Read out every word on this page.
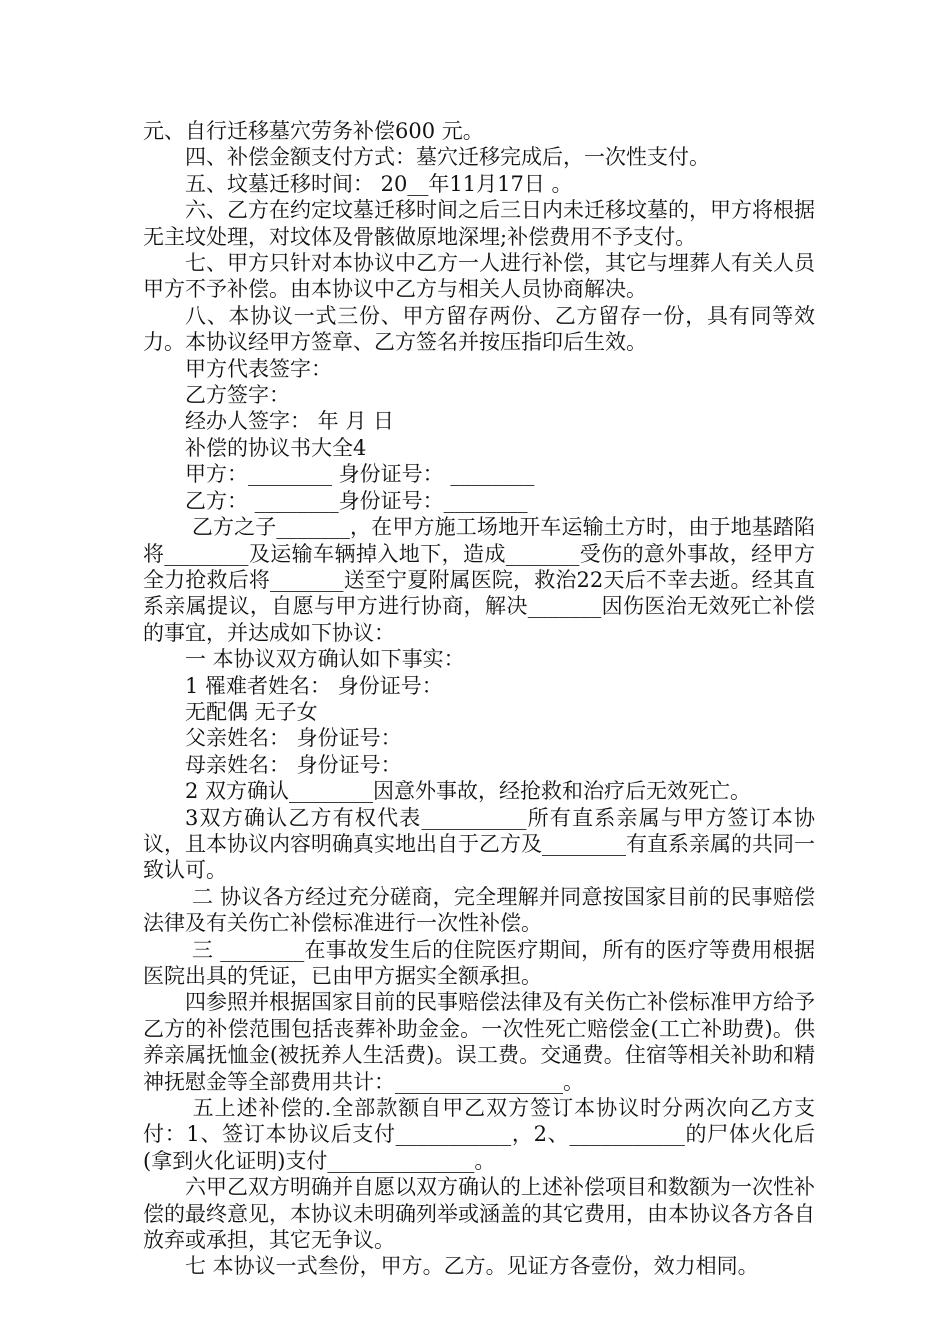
元、自行迁移墓穴劳务补偿600 元。

四、补偿金额支付方式：墓穴迁移完成后，一次性支付。

五、坟墓迁移时间： 20__年11月17日 。

六、乙方在约定坟墓迁移时间之后三日内未迁移坟墓的，甲方将根据无主坟处理，对坟体及骨骸做原地深埋;补偿费用不予支付。

七、甲方只针对本协议中乙方一人进行补偿，其它与埋葬人有关人员甲方不予补偿。由本协议中乙方与相关人员协商解决。

八、本协议一式三份、甲方留存两份、乙方留存一份，具有同等效力。本协议经甲方签章、乙方签名并按压指印后生效。

甲方代表签字：

乙方签字：

经办人签字： 年 月 日

补偿的协议书大全4

甲方：________ 身份证号： ________

乙方： ________身份证号：________

乙方之子_______，在甲方施工场地开车运输土方时，由于地基踏陷将________及运输车辆掉入地下，造成_______受伤的意外事故，经甲方全力抢救后将_______送至宁夏附属医院，救治22天后不幸去逝。经其直系亲属提议，自愿与甲方进行协商，解决_______因伤医治无效死亡补偿的事宜，并达成如下协议：

一 本协议双方确认如下事实：

1 罹难者姓名： 身份证号：

无配偶 无子女

父亲姓名： 身份证号：

母亲姓名： 身份证号：

2 双方确认________因意外事故，经抢救和治疗后无效死亡。

3双方确认乙方有权代表__________所有直系亲属与甲方签订本协议，且本协议内容明确真实地出自于乙方及________有直系亲属的共同一致认可。

二 协议各方经过充分磋商，完全理解并同意按国家目前的民事赔偿法律及有关伤亡补偿标准进行一次性补偿。

三 ________在事故发生后的住院医疗期间，所有的医疗等费用根据医院出具的凭证，已由甲方据实全额承担。

四参照并根据国家目前的民事赔偿法律及有关伤亡补偿标准甲方给予乙方的补偿范围包括丧葬补助金金。一次性死亡赔偿金(工亡补助费)。供养亲属抚恤金(被抚养人生活费)。误工费。交通费。住宿等相关补助和精神抚慰金等全部费用共计：________________。

五上述补偿的.全部款额自甲乙双方签订本协议时分两次向乙方支付：1、签订本协议后支付___________，2、___________的尸体火化后(拿到火化证明)支付______________。

六甲乙双方明确并自愿以双方确认的上述补偿项目和数额为一次性补偿的最终意见，本协议未明确列举或涵盖的其它费用，由本协议各方各自放弃或承担，其它无争议。

七 本协议一式叁份，甲方。乙方。见证方各壹份，效力相同。
